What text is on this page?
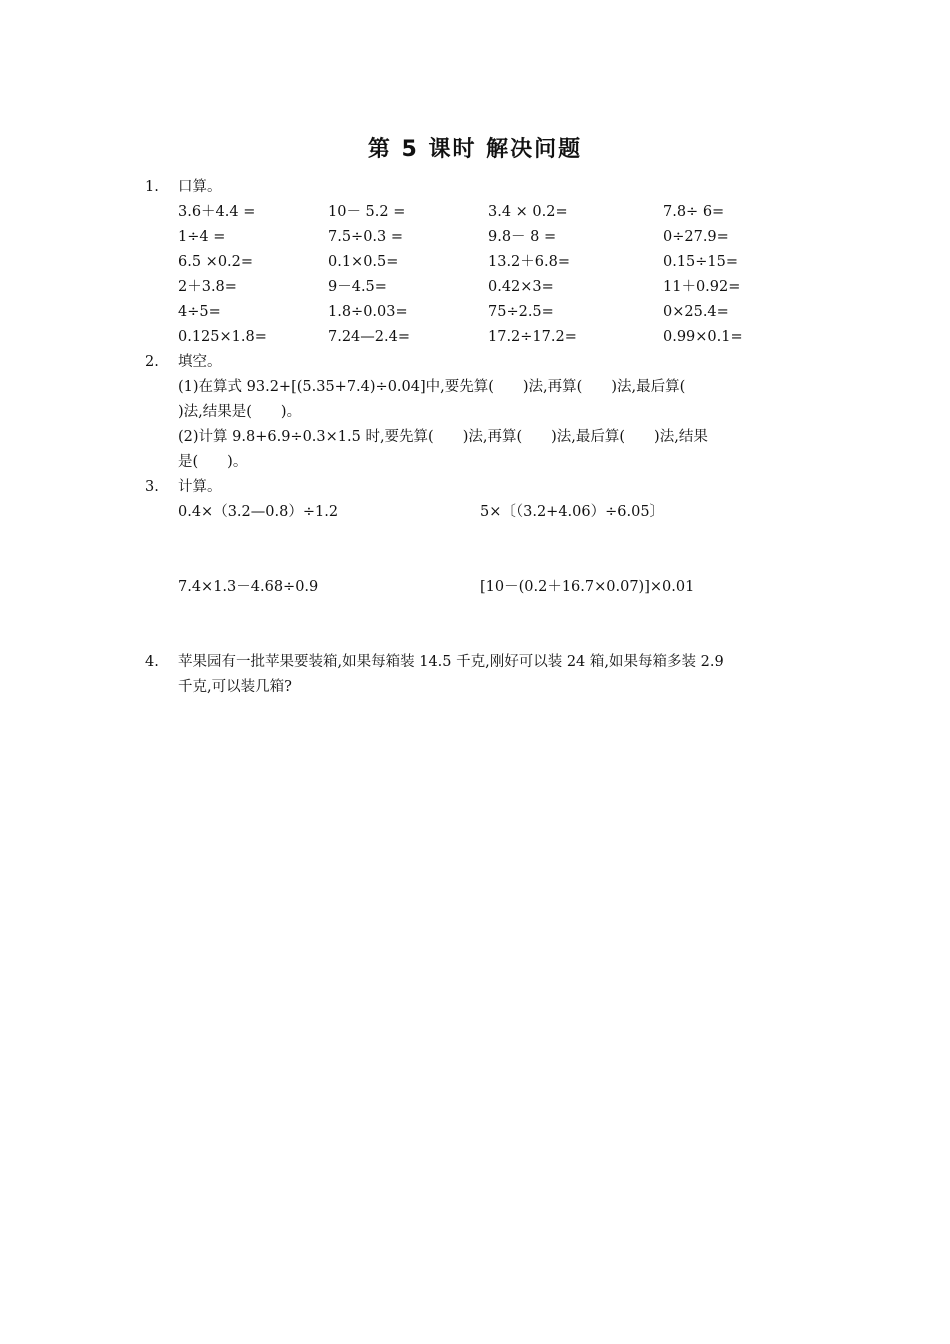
第 5 课时 解决问题
1. 口算。
3.6＋4.4 =	10－ 5.2 =	3.4 × 0.2=	7.8÷ 6=
1÷4 =	7.5÷0.3 =	9.8－ 8 =	0÷27.9=
6.5 ×0.2=	0.1×0.5=	13.2＋6.8=	0.15÷15=
2＋3.8=	9－4.5=	0.42×3=	11＋0.92=
4÷5=	1.8÷0.03=	75÷2.5=	0×25.4=
0.125×1.8=	7.24—2.4=	17.2÷17.2=	0.99×0.1=
2. 填空。
(1)在算式 93.2+[(5.35+7.4)÷0.04]中,要先算(　　)法,再算(　　)法,最后算(
)法,结果是(　　)。
(2)计算 9.8+6.9÷0.3×1.5 时,要先算(　　)法,再算(　　)法,最后算(　　)法,结果
是(　　)。
3. 计算。
0.4×（3.2—0.8）÷1.2	5×〔（3.2+4.06）÷6.05〕
7.4×1.3－4.68÷0.9	[10－(0.2＋16.7×0.07)]×0.01
4. 苹果园有一批苹果要装箱,如果每箱装 14.5 千克,刚好可以装 24 箱,如果每箱多装 2.9
千克,可以装几箱?
